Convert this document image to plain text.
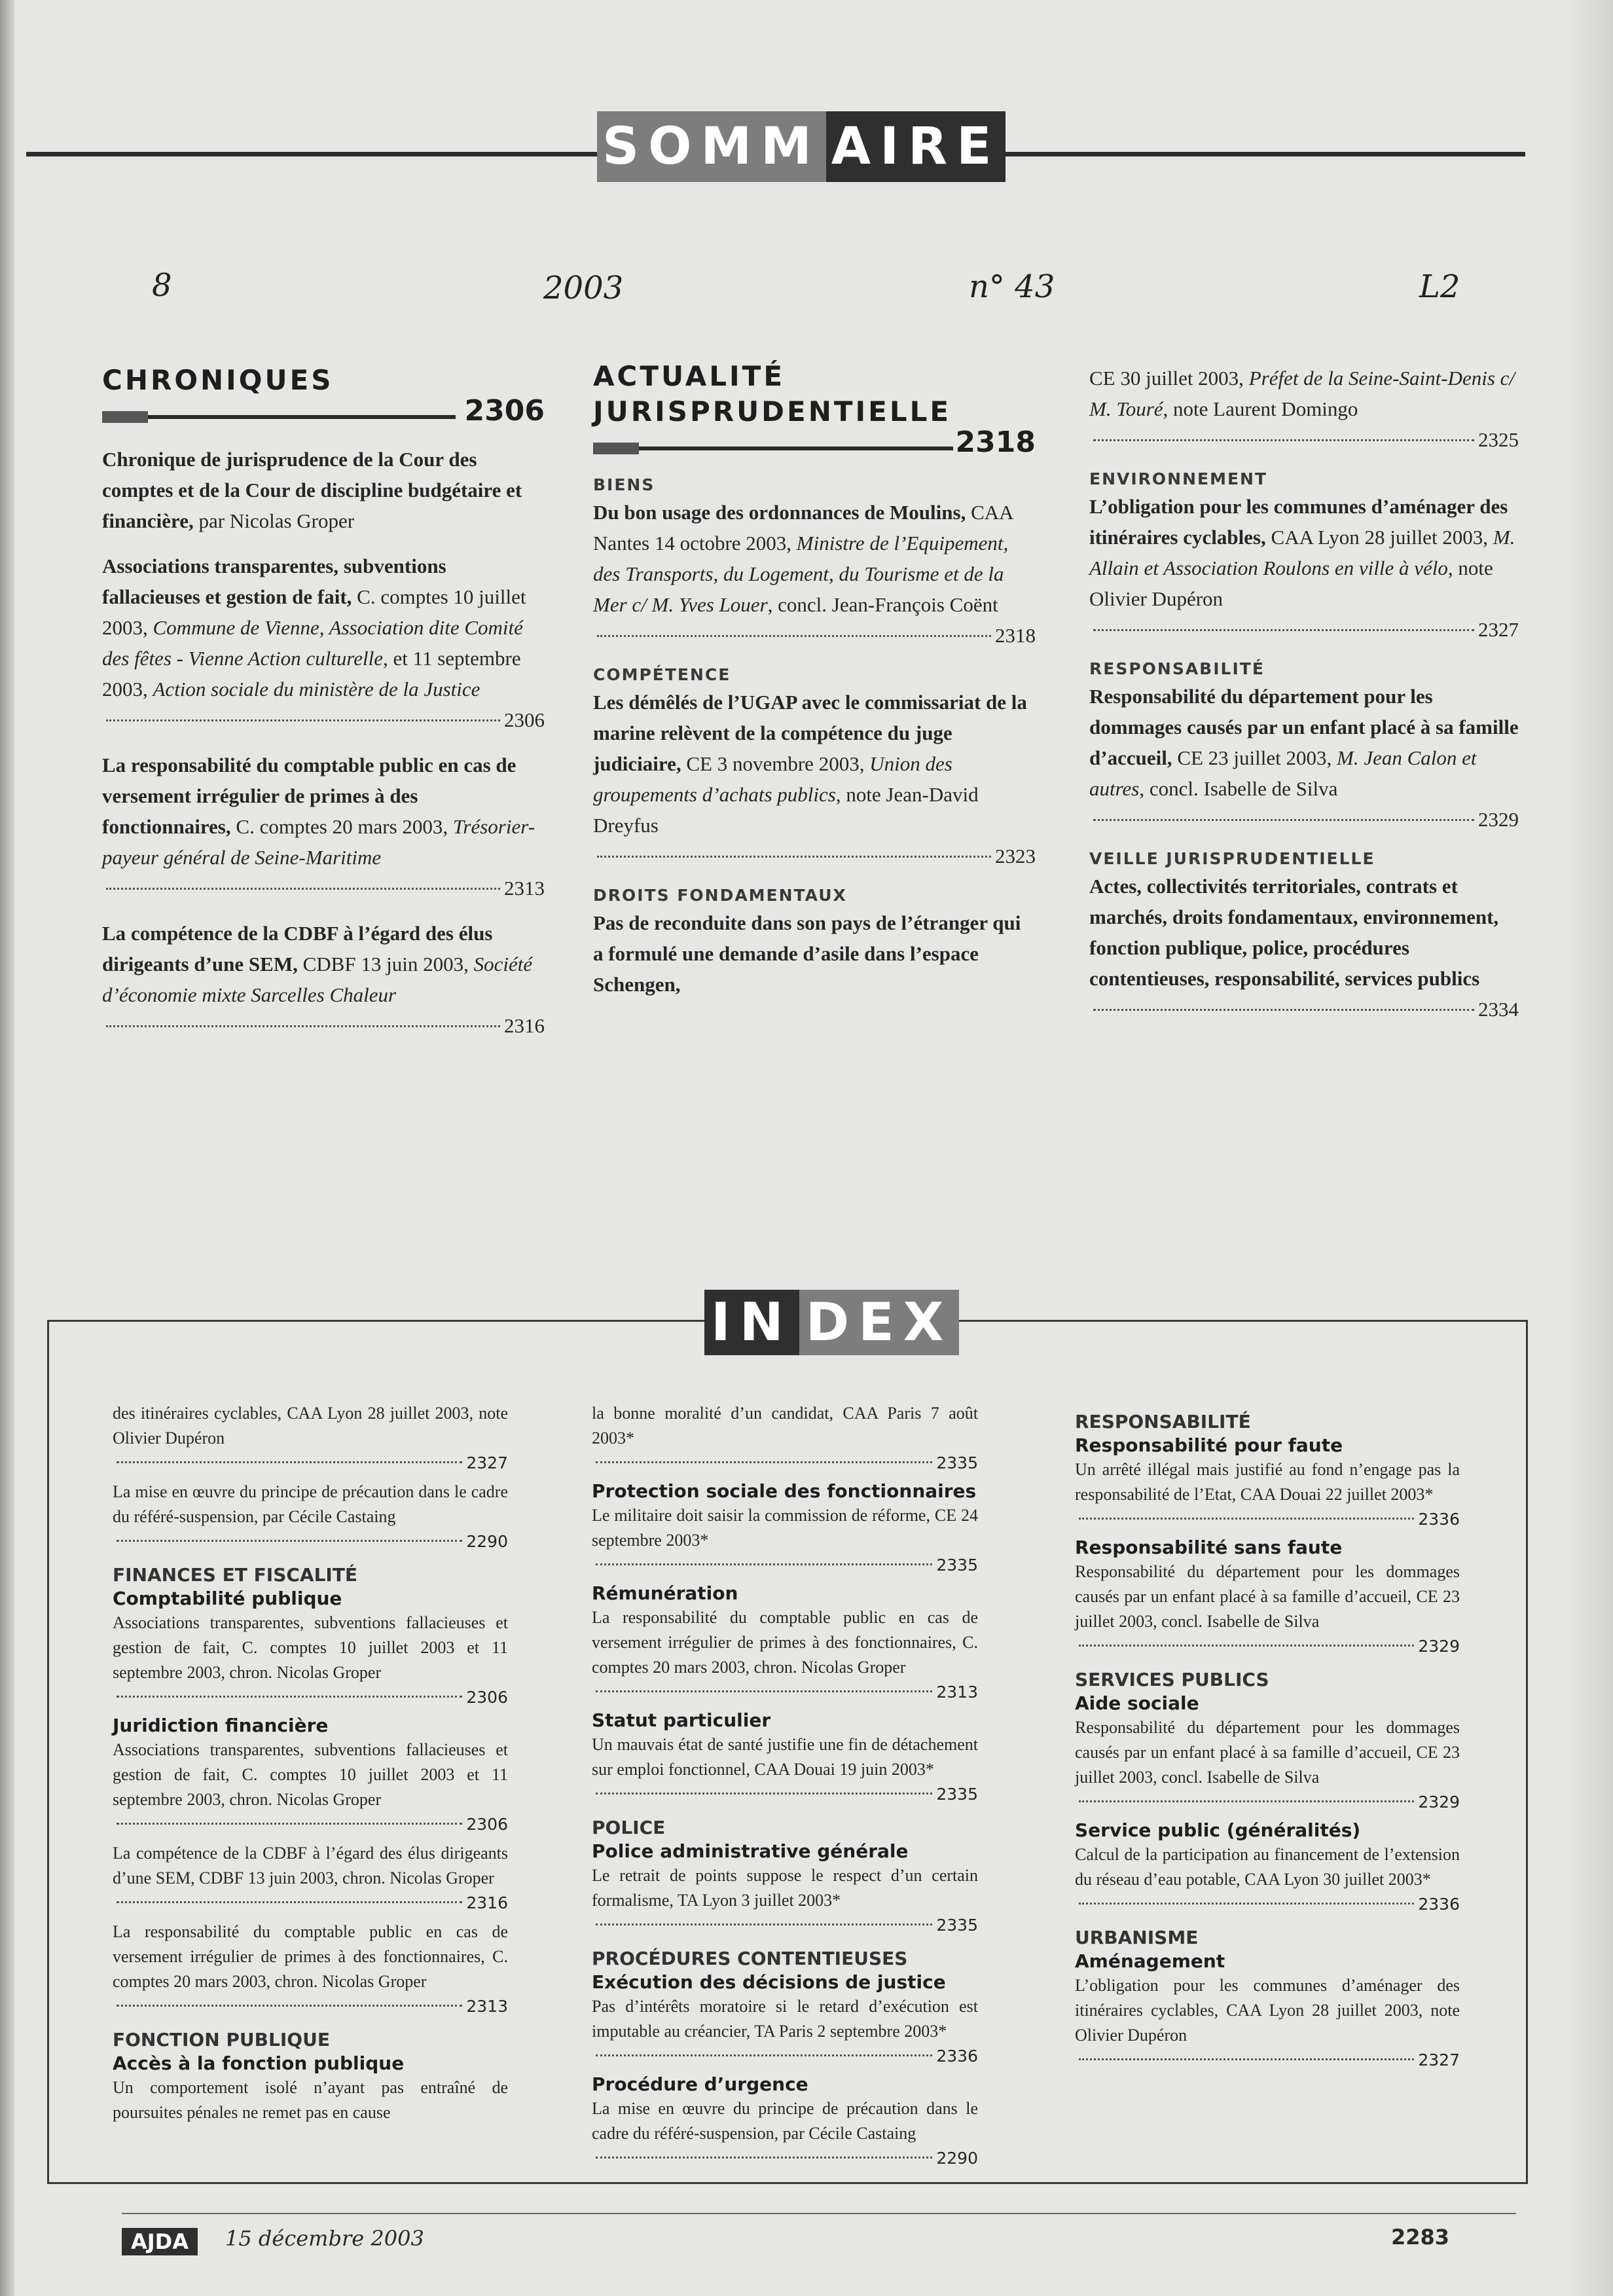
SOMM AIRE
8	2003	n° 43	L2
CHRONIQUES
2306
Chronique de jurisprudence de la Cour des comptes et de la Cour de discipline budgétaire et financière, par Nicolas Groper
Associations transparentes, subventions fallacieuses et gestion de fait, C. comptes 10 juillet 2003, Commune de Vienne, Association dite Comité des fêtes - Vienne Action culturelle, et 11 septembre 2003, Action sociale du ministère de la Justice
2306
La responsabilité du comptable public en cas de versement irrégulier de primes à des fonctionnaires, C. comptes 20 mars 2003, Trésorier-payeur général de Seine-Maritime
2313
La compétence de la CDBF à l’égard des élus dirigeants d’une SEM, CDBF 13 juin 2003, Société d’économie mixte Sarcelles Chaleur
2316
ACTUALITÉ
JURISPRUDENTIELLE
2318
BIENS
Du bon usage des ordonnances de Moulins, CAA Nantes 14 octobre 2003, Ministre de l’Equipement, des Transports, du Logement, du Tourisme et de la Mer c/ M. Yves Louer, concl. Jean-François Coënt
2318
COMPÉTENCE
Les démêlés de l’UGAP avec le commissariat de la marine relèvent de la compétence du juge judiciaire, CE 3 novembre 2003, Union des groupements d’achats publics, note Jean-David Dreyfus
2323
DROITS FONDAMENTAUX
Pas de reconduite dans son pays de l’étranger qui a formulé une demande d’asile dans l’espace Schengen,
CE 30 juillet 2003, Préfet de la Seine-Saint-Denis c/ M. Touré, note Laurent Domingo
2325
ENVIRONNEMENT
L’obligation pour les communes d’aménager des itinéraires cyclables, CAA Lyon 28 juillet 2003, M. Allain et Association Roulons en ville à vélo, note Olivier Dupéron
2327
RESPONSABILITÉ
Responsabilité du département pour les dommages causés par un enfant placé à sa famille d’accueil, CE 23 juillet 2003, M. Jean Calon et autres, concl. Isabelle de Silva
2329
VEILLE JURISPRUDENTIELLE
Actes, collectivités territoriales, contrats et marchés, droits fondamentaux, environnement, fonction publique, police, procédures contentieuses, responsabilité, services publics
2334
IN DEX
des itinéraires cyclables, CAA Lyon 28 juillet 2003, note Olivier Dupéron
2327
La mise en œuvre du principe de précaution dans le cadre du référé-suspension, par Cécile Castaing
2290
FINANCES ET FISCALITÉ
Comptabilité publique
Associations transparentes, subventions fallacieuses et gestion de fait, C. comptes 10 juillet 2003 et 11 septembre 2003, chron. Nicolas Groper
2306
Juridiction financière
Associations transparentes, subventions fallacieuses et gestion de fait, C. comptes 10 juillet 2003 et 11 septembre 2003, chron. Nicolas Groper
2306
La compétence de la CDBF à l’égard des élus dirigeants d’une SEM, CDBF 13 juin 2003, chron. Nicolas Groper
2316
La responsabilité du comptable public en cas de versement irrégulier de primes à des fonctionnaires, C. comptes 20 mars 2003, chron. Nicolas Groper
2313
FONCTION PUBLIQUE
Accès à la fonction publique
Un comportement isolé n’ayant pas entraîné de poursuites pénales ne remet pas en cause
la bonne moralité d’un candidat, CAA Paris 7 août 2003*
2335
Protection sociale des fonctionnaires
Le militaire doit saisir la commission de réforme, CE 24 septembre 2003*
2335
Rémunération
La responsabilité du comptable public en cas de versement irrégulier de primes à des fonctionnaires, C. comptes 20 mars 2003, chron. Nicolas Groper
2313
Statut particulier
Un mauvais état de santé justifie une fin de détachement sur emploi fonctionnel, CAA Douai 19 juin 2003*
2335
POLICE
Police administrative générale
Le retrait de points suppose le respect d’un certain formalisme, TA Lyon 3 juillet 2003*
2335
PROCÉDURES CONTENTIEUSES
Exécution des décisions de justice
Pas d’intérêts moratoire si le retard d’exécution est imputable au créancier, TA Paris 2 septembre 2003*
2336
Procédure d’urgence
La mise en œuvre du principe de précaution dans le cadre du référé-suspension, par Cécile Castaing
2290
RESPONSABILITÉ
Responsabilité pour faute
Un arrêté illégal mais justifié au fond n’engage pas la responsabilité de l’Etat, CAA Douai 22 juillet 2003*
2336
Responsabilité sans faute
Responsabilité du département pour les dommages causés par un enfant placé à sa famille d’accueil, CE 23 juillet 2003, concl. Isabelle de Silva
2329
SERVICES PUBLICS
Aide sociale
Responsabilité du département pour les dommages causés par un enfant placé à sa famille d’accueil, CE 23 juillet 2003, concl. Isabelle de Silva
2329
Service public (généralités)
Calcul de la participation au financement de l’extension du réseau d’eau potable, CAA Lyon 30 juillet 2003*
2336
URBANISME
Aménagement
L’obligation pour les communes d’aménager des itinéraires cyclables, CAA Lyon 28 juillet 2003, note Olivier Dupéron
2327
AJDA	15 décembre 2003	2283
